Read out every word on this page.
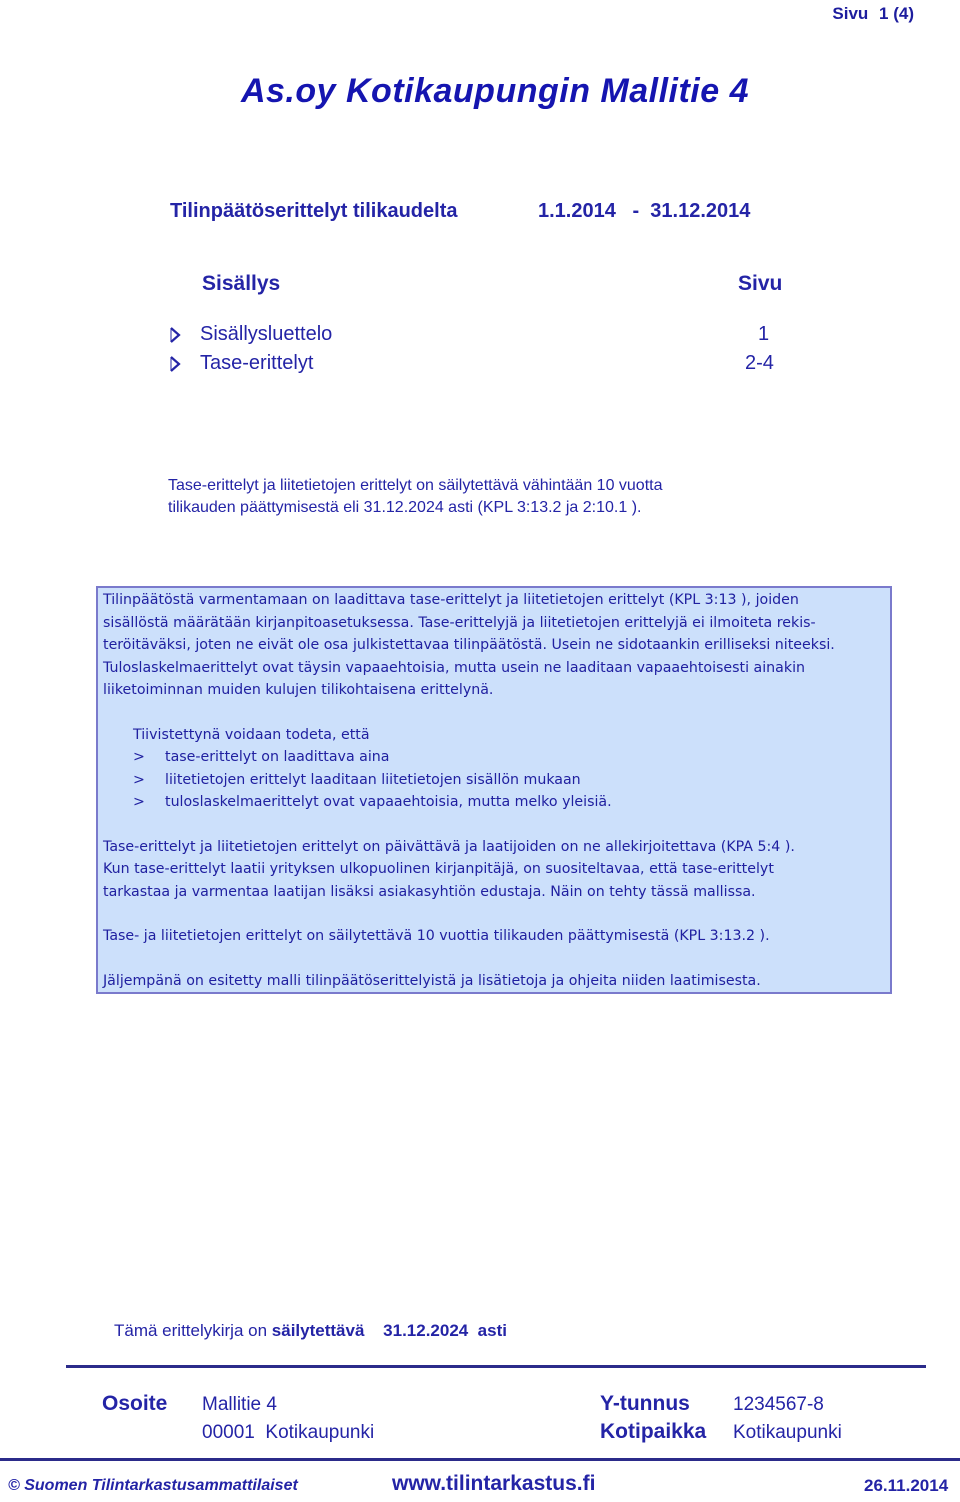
Sivu 1 (4)
As.oy Kotikaupungin Mallitie 4
Tilinpäätöserittelyt tilikaudelta	1.1.2014   -  31.12.2014
Sisällys	Sivu
Sisällysluettelo	1
Tase-erittelyt	2-4
Tase-erittelyt ja liitetietojen erittelyt on säilytettävä vähintään 10 vuotta
tilikauden päättymisestä eli 31.12.2024 asti (KPL 3:13.2 ja 2:10.1 ).

Tilinpäätöstä varmentamaan on laadittava tase-erittelyt ja liitetietojen erittelyt (KPL 3:13 ), joiden

sisällöstä määrätään kirjanpitoasetuksessa. Tase-erittelyjä ja liitetietojen erittelyjä ei ilmoiteta rekis-

teröitäväksi, joten ne eivät ole osa julkistettavaa tilinpäätöstä. Usein ne sidotaankin erilliseksi niteeksi.

Tuloslaskelmaerittelyt ovat täysin vapaaehtoisia, mutta usein ne laaditaan vapaaehtoisesti ainakin

liiketoiminnan muiden kulujen tilikohtaisena erittelynä.

Tiivistettynä voidaan todeta, että

> tase-erittelyt on laadittava aina

> liitetietojen erittelyt laaditaan liitetietojen sisällön mukaan

> tuloslaskelmaerittelyt ovat vapaaehtoisia, mutta melko yleisiä.

Tase-erittelyt ja liitetietojen erittelyt on päivättävä ja laatijoiden on ne allekirjoitettava (KPA 5:4 ).

Kun tase-erittelyt laatii yrityksen ulkopuolinen kirjanpitäjä, on suositeltavaa, että tase-erittelyt

tarkastaa ja varmentaa laatijan lisäksi asiakasyhtiön edustaja. Näin on tehty tässä mallissa.

Tase- ja liitetietojen erittelyt on säilytettävä 10 vuottia tilikauden päättymisestä (KPL 3:13.2 ).

Jäljempänä on esitetty malli tilinpäätöserittelyistä ja lisätietoja ja ohjeita niiden laatimisesta.

Tämä erittelykirja on säilytettävä 31.12.2024  asti
Osoite Mallitie 4
00001  Kotikaupunki
Y-tunnus 1234567-8
Kotipaikka Kotikaupunki
© Suomen Tilintarkastusammattilaiset	www.tilintarkastus.fi	26.11.2014
